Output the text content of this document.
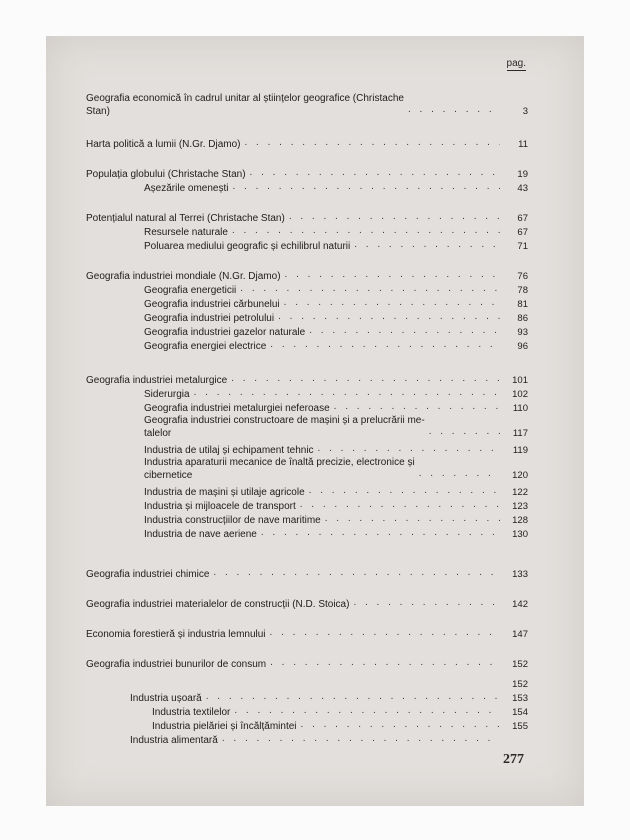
pag.
Geografia economică în cadrul unitar al științelor geografice (Christache
Stan) . . .	3
Harta politică a lumii (N.Gr. Djamo) . . .	11
Populația globului (Christache Stan) . . .	19
Așezările omenești . . .	43
Potențialul natural al Terrei (Christache Stan) . . .	67
Resursele naturale . . .	67
Poluarea mediului geografic și echilibrul naturii . . .	71
Geografia industriei mondiale (N.Gr. Djamo) . . .	76
Geografia energeticii . . .	78
Geografia industriei cărbunelui . . .	81
Geografia industriei petrolului . . .	86
Geografia industriei gazelor naturale . . .	93
Geografia energiei electrice . . .	96
Geografia industriei metalurgice . . .	101
Siderurgia . . .	102
Geografia industriei metalurgiei neferoase . . .	110
Geografia industriei constructoare de mașini și a prelucrării me-
talelor . . .	117
Industria de utilaj și echipament tehnic . . .	119
Industria aparaturii mecanice de înaltă precizie, electronice și
cibernetice . . .	120
Industria de mașini și utilaje agricole . . .	122
Industria și mijloacele de transport . . .	123
Industria construcțiilor de nave maritime . . .	128
Industria de nave aeriene . . .	130
Geografia industriei chimice . . .	133
Geografia industriei materialelor de construcții (N.D. Stoica) . . .	142
Economia forestieră și industria lemnului . . .	147
Geografia industriei bunurilor de consum . . .	152
152
Industria ușoară . . .	153
Industria textilelor . . .	154
Industria pielăriei și încălțămintei . . .	155
Industria alimentară
. . .
277
